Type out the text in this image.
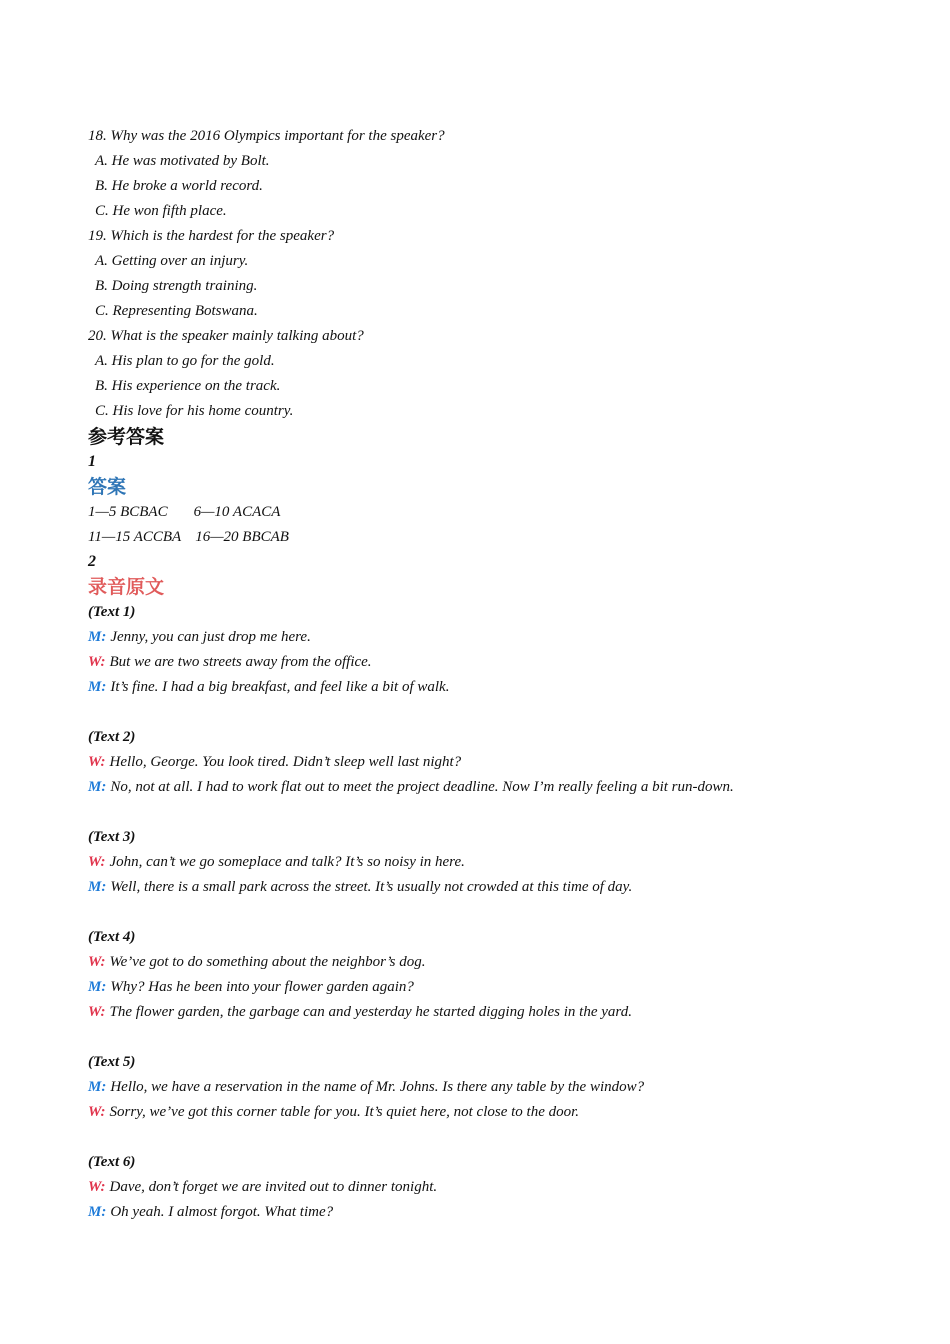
18. Why was the 2016 Olympics important for the speaker?
A. He was motivated by Bolt.
B. He broke a world record.
C. He won fifth place.
19. Which is the hardest for the speaker?
A. Getting over an injury.
B. Doing strength training.
C. Representing Botswana.
20. What is the speaker mainly talking about?
A. His plan to go for the gold.
B. His experience on the track.
C. His love for his home country.
参考答案
1
答案
1—5 BCBAC 6—10 ACACA
11—15 ACCBA 16—20 BBCAB
2
录音原文
(Text 1)
M: Jenny, you can just drop me here.
W: But we are two streets away from the office.
M: It’s fine. I had a big breakfast, and feel like a bit of walk.
(Text 2)
W: Hello, George. You look tired. Didn’t sleep well last night?
M: No, not at all. I had to work flat out to meet the project deadline. Now I’m really feeling a bit run-down.
(Text 3)
W: John, can’t we go someplace and talk? It’s so noisy in here.
M: Well, there is a small park across the street. It’s usually not crowded at this time of day.
(Text 4)
W: We’ve got to do something about the neighbor’s dog.
M: Why? Has he been into your flower garden again?
W: The flower garden, the garbage can and yesterday he started digging holes in the yard.
(Text 5)
M: Hello, we have a reservation in the name of Mr. Johns. Is there any table by the window?
W: Sorry, we’ve got this corner table for you. It’s quiet here, not close to the door.
(Text 6)
W: Dave, don’t forget we are invited out to dinner tonight.
M: Oh yeah. I almost forgot. What time?
